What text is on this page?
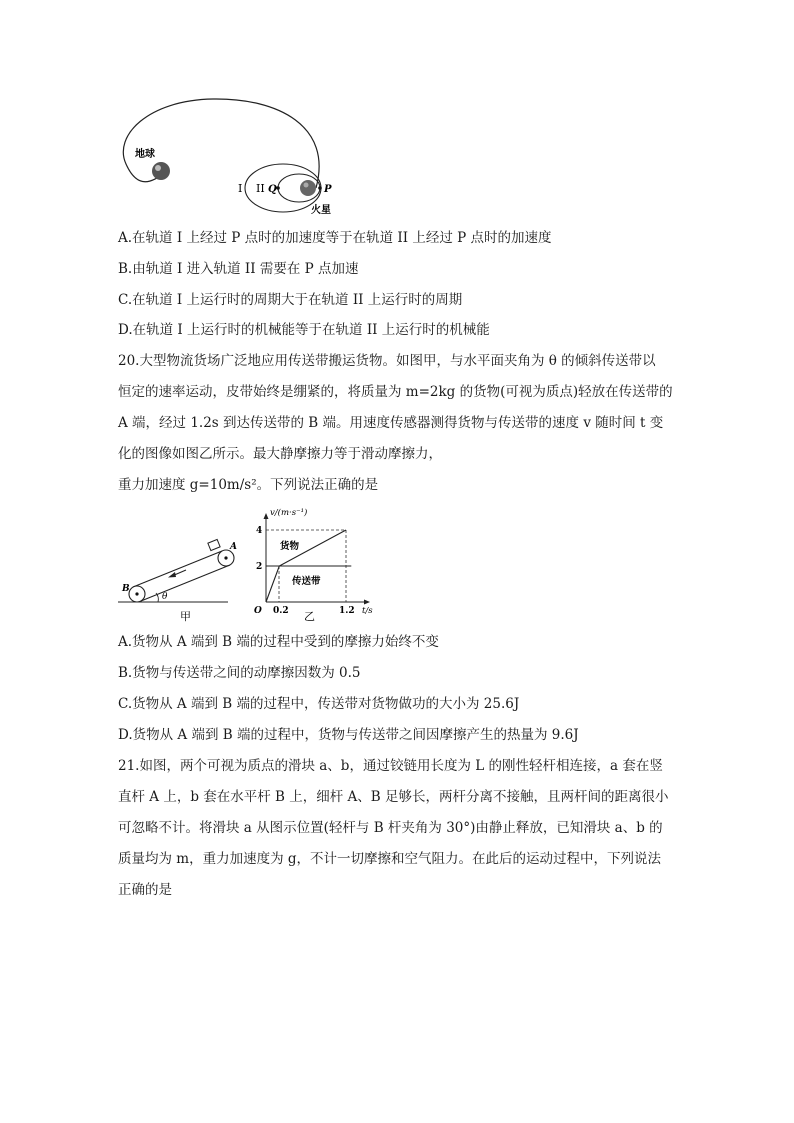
地球
I II Q	P
火星
A.在轨道 I 上经过 P 点时的加速度等于在轨道 II 上经过 P 点时的加速度
B.由轨道 I 进入轨道 II 需要在 P 点加速
C.在轨道 I 上运行时的周期大于在轨道 II 上运行时的周期
D.在轨道 I 上运行时的机械能等于在轨道 II 上运行时的机械能
20.大型物流货场广泛地应用传送带搬运货物。如图甲，与水平面夹角为 θ 的倾斜传送带以
恒定的速率运动，皮带始终是绷紧的，将质量为 m=2kg 的货物(可视为质点)轻放在传送带的
A 端，经过 1.2s 到达传送带的 B 端。用速度传感器测得货物与传送带的速度 v 随时间 t 变
化的图像如图乙所示。最大静摩擦力等于滑动摩擦力，
重力加速度 g=10m/s²。下列说法正确的是
θ
B
A
甲
v/(m·s⁻¹)
t/s
O
4
2
0.2	1.2
货物
传送带
乙
A.货物从 A 端到 B 端的过程中受到的摩擦力始终不变
B.货物与传送带之间的动摩擦因数为 0.5
C.货物从 A 端到 B 端的过程中，传送带对货物做功的大小为 25.6J
D.货物从 A 端到 B 端的过程中，货物与传送带之间因摩擦产生的热量为 9.6J
21.如图，两个可视为质点的滑块 a、b，通过铰链用长度为 L 的刚性轻杆相连接，a 套在竖
直杆 A 上，b 套在水平杆 B 上，细杆 A、B 足够长，两杆分离不接触，且两杆间的距离很小
可忽略不计。将滑块 a 从图示位置(轻杆与 B 杆夹角为 30°)由静止释放，已知滑块 a、b 的
质量均为 m，重力加速度为 g，不计一切摩擦和空气阻力。在此后的运动过程中，下列说法
正确的是
